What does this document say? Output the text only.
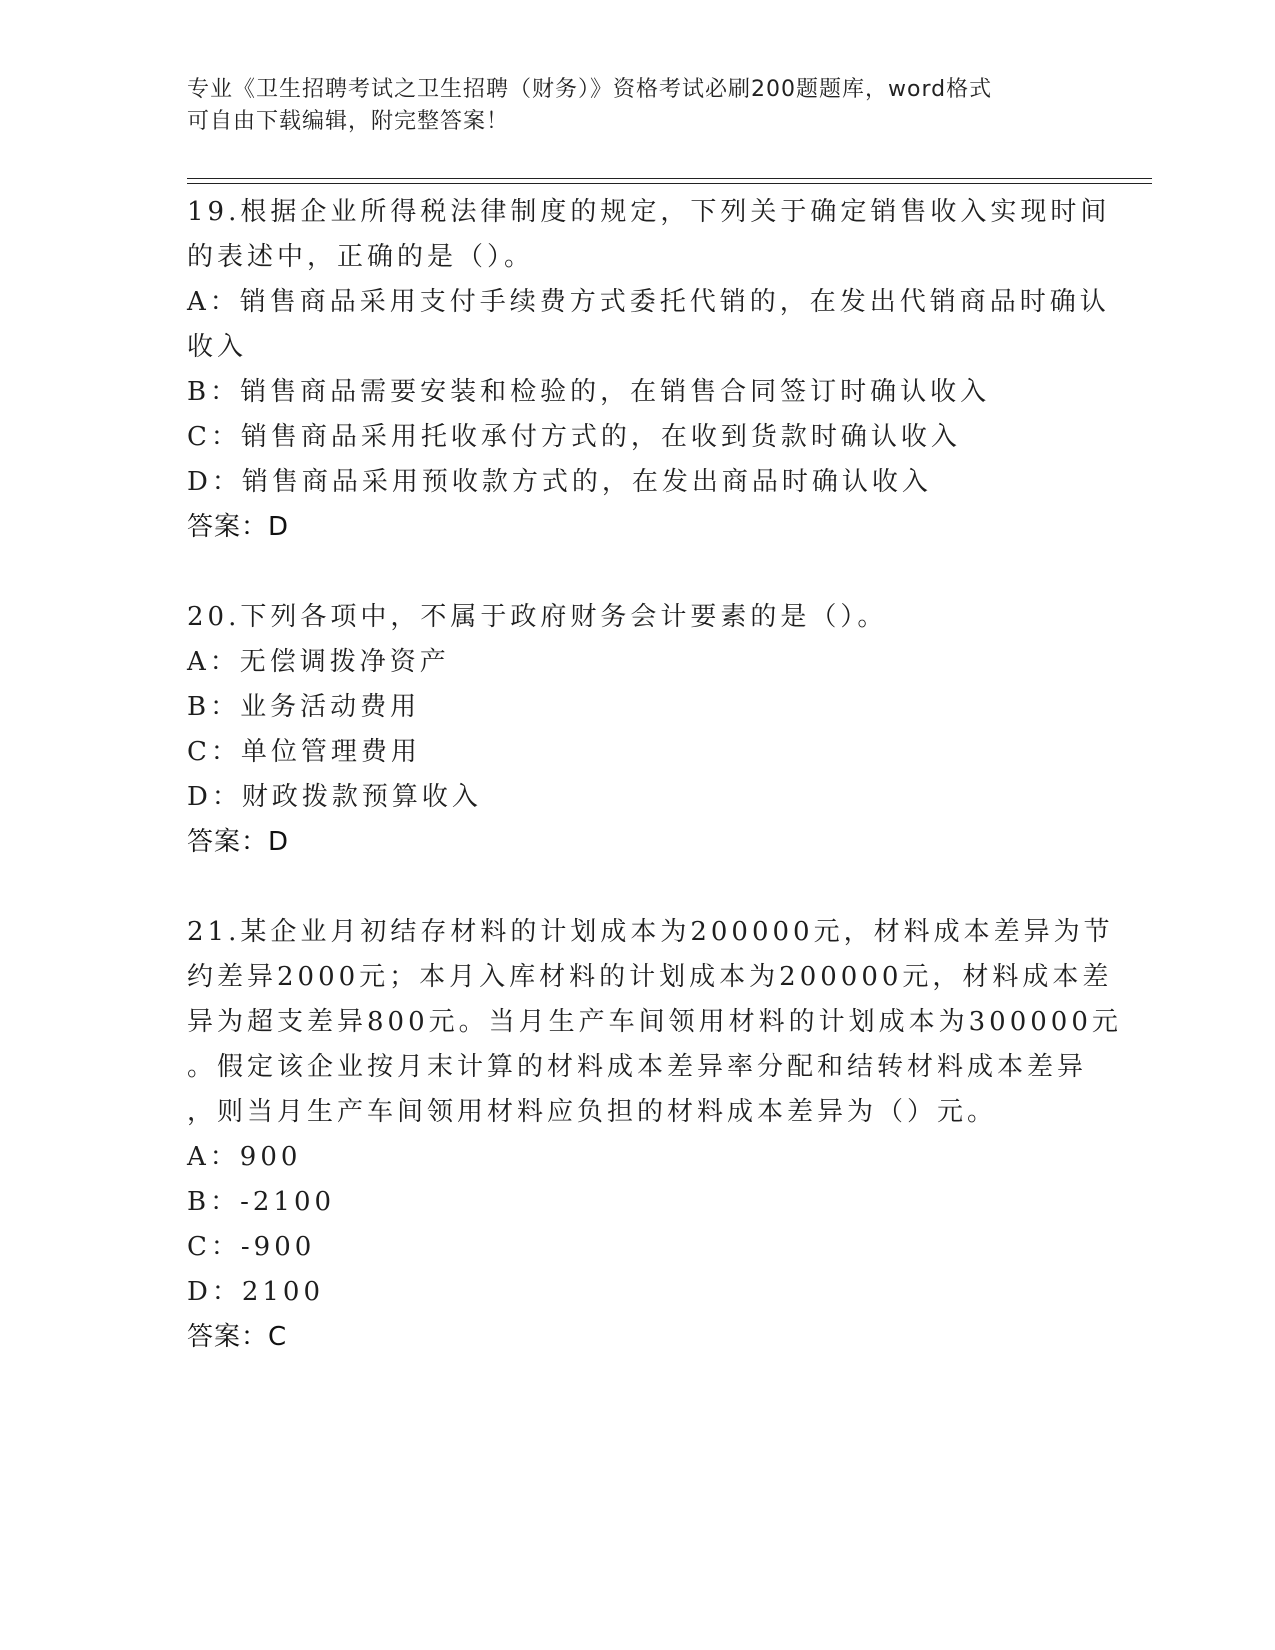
专业《卫生招聘考试之卫生招聘（财务）》资格考试必刷200题题库，word格式
可自由下载编辑，附完整答案！
19.根据企业所得税法律制度的规定，下列关于确定销售收入实现时间
的表述中，正确的是（）。
A：销售商品采用支付手续费方式委托代销的，在发出代销商品时确认
收入
B：销售商品需要安装和检验的，在销售合同签订时确认收入
C：销售商品采用托收承付方式的，在收到货款时确认收入
D：销售商品采用预收款方式的，在发出商品时确认收入
答案：D
20.下列各项中，不属于政府财务会计要素的是（）。
A：无偿调拨净资产
B：业务活动费用
C：单位管理费用
D：财政拨款预算收入
答案：D
21.某企业月初结存材料的计划成本为200000元，材料成本差异为节
约差异2000元；本月入库材料的计划成本为200000元，材料成本差
异为超支差异800元。当月生产车间领用材料的计划成本为300000元
。假定该企业按月末计算的材料成本差异率分配和结转材料成本差异
，则当月生产车间领用材料应负担的材料成本差异为（）元。
A：900
B：-2100
C：-900
D：2100
答案：C
